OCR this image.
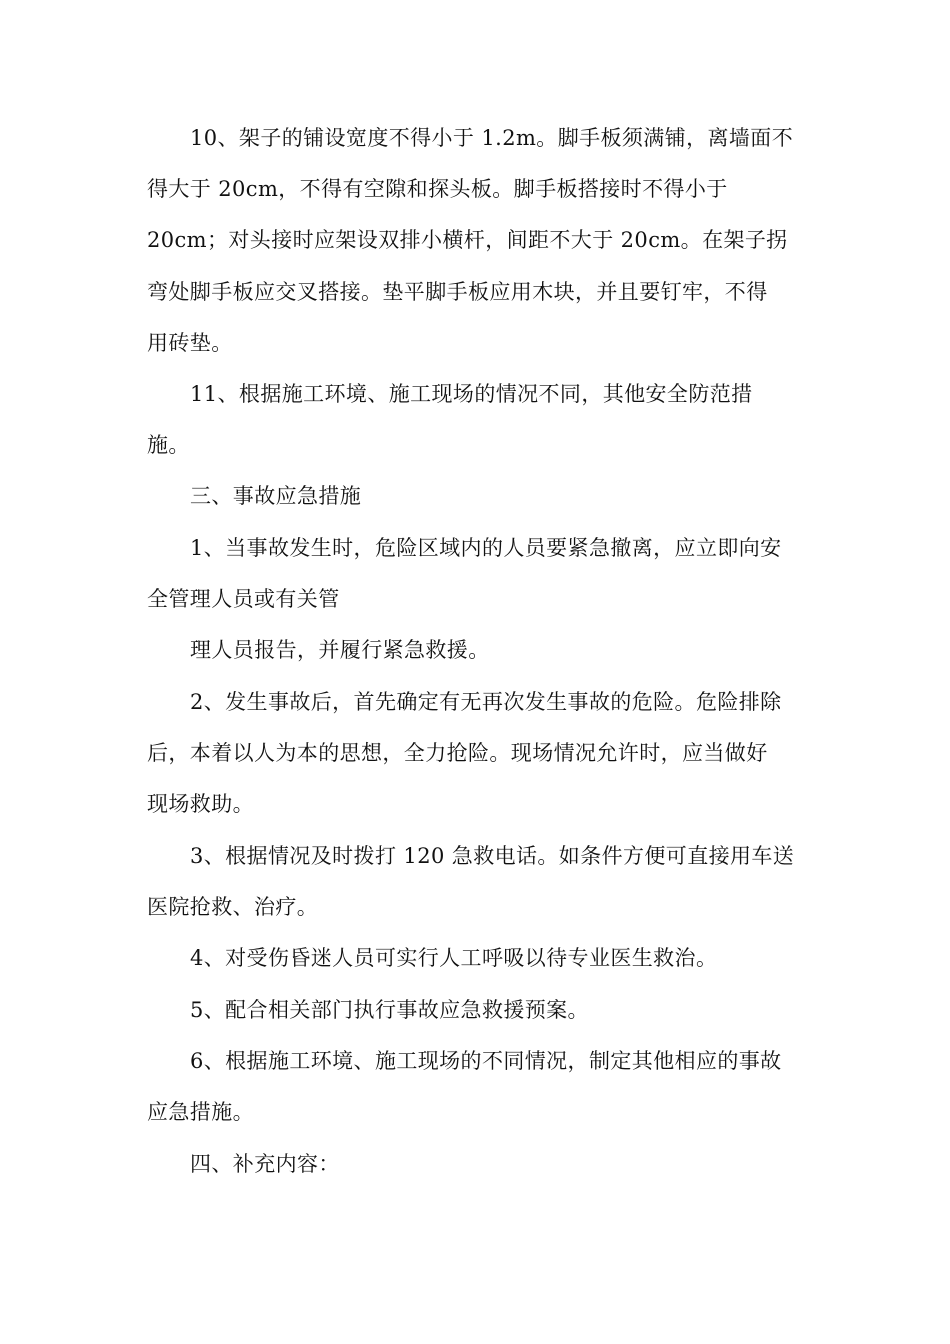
10、架子的铺设宽度不得小于 1.2m。脚手板须满铺，离墙面不
得大于 20cm，不得有空隙和探头板。脚手板搭接时不得小于
20cm；对头接时应架设双排小横杆，间距不大于 20cm。在架子拐
弯处脚手板应交叉搭接。垫平脚手板应用木块，并且要钉牢，不得
用砖垫。
11、根据施工环境、施工现场的情况不同，其他安全防范措
施。
三、事故应急措施
1、当事故发生时，危险区域内的人员要紧急撤离，应立即向安
全管理人员或有关管
理人员报告，并履行紧急救援。
2、发生事故后，首先确定有无再次发生事故的危险。危险排除
后，本着以人为本的思想，全力抢险。现场情况允许时，应当做好
现场救助。
3、根据情况及时拨打 120 急救电话。如条件方便可直接用车送
医院抢救、治疗。
4、对受伤昏迷人员可实行人工呼吸以待专业医生救治。
5、配合相关部门执行事故应急救援预案。
6、根据施工环境、施工现场的不同情况，制定其他相应的事故
应急措施。
四、补充内容：
